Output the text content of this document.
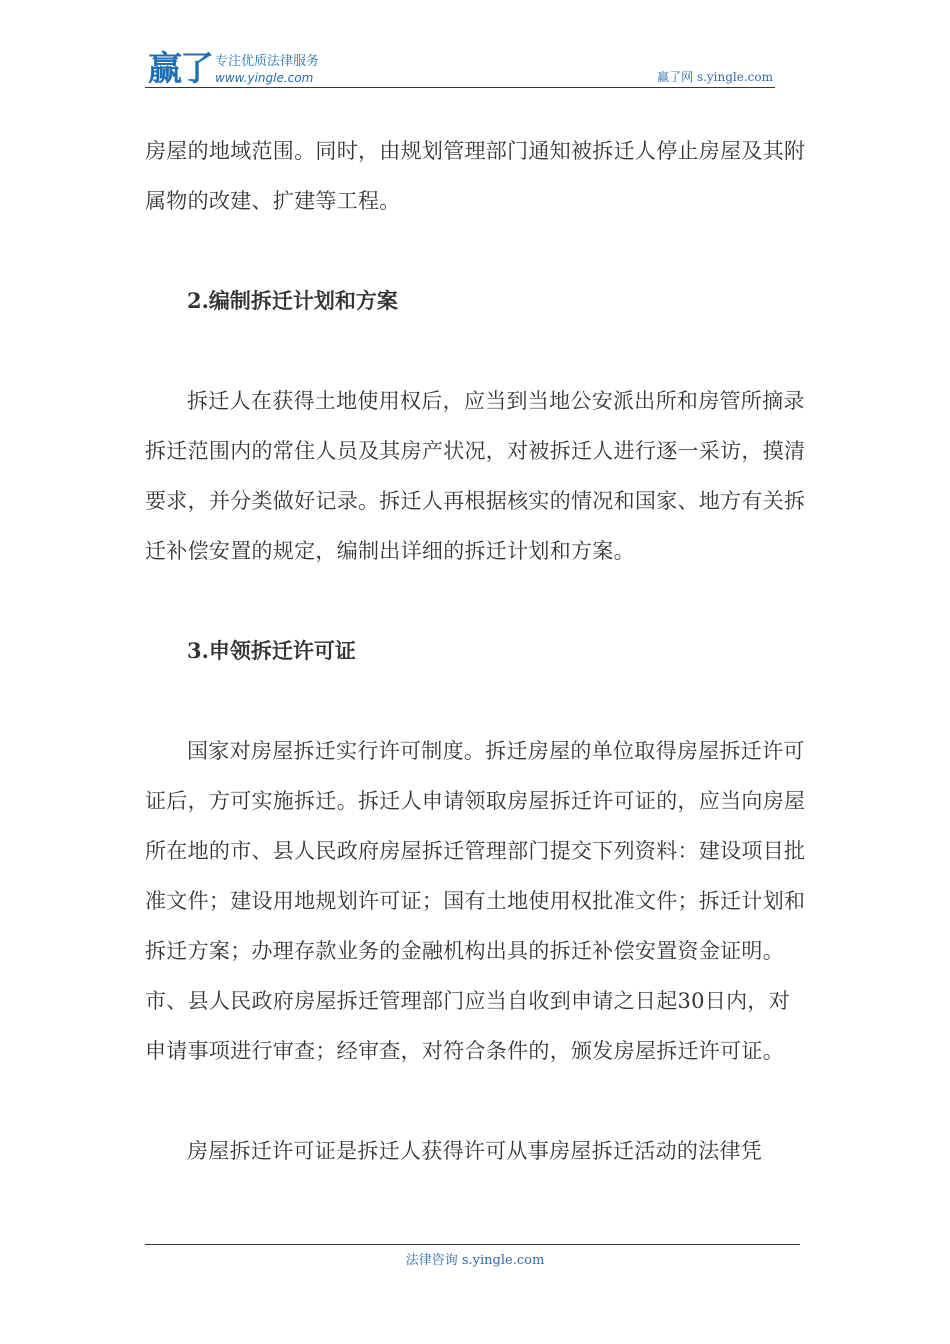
赢了 专注优质法律服务
www.yingle.com	赢了网 s.yingle.com

房屋的地域范围。同时，由规划管理部门通知被拆迁人停止房屋及其附属物的改建、扩建等工程。

2.编制拆迁计划和方案

拆迁人在获得土地使用权后，应当到当地公安派出所和房管所摘录拆迁范围内的常住人员及其房产状况，对被拆迁人进行逐一采访，摸清要求，并分类做好记录。拆迁人再根据核实的情况和国家、地方有关拆迁补偿安置的规定，编制出详细的拆迁计划和方案。

3.申领拆迁许可证

国家对房屋拆迁实行许可制度。拆迁房屋的单位取得房屋拆迁许可证后，方可实施拆迁。拆迁人申请领取房屋拆迁许可证的，应当向房屋所在地的市、县人民政府房屋拆迁管理部门提交下列资料：建设项目批准文件；建设用地规划许可证；国有土地使用权批准文件；拆迁计划和拆迁方案；办理存款业务的金融机构出具的拆迁补偿安置资金证明。市、县人民政府房屋拆迁管理部门应当自收到申请之日起30日内，对申请事项进行审查；经审查，对符合条件的，颁发房屋拆迁许可证。

房屋拆迁许可证是拆迁人获得许可从事房屋拆迁活动的法律凭

法律咨询 s.yingle.com
